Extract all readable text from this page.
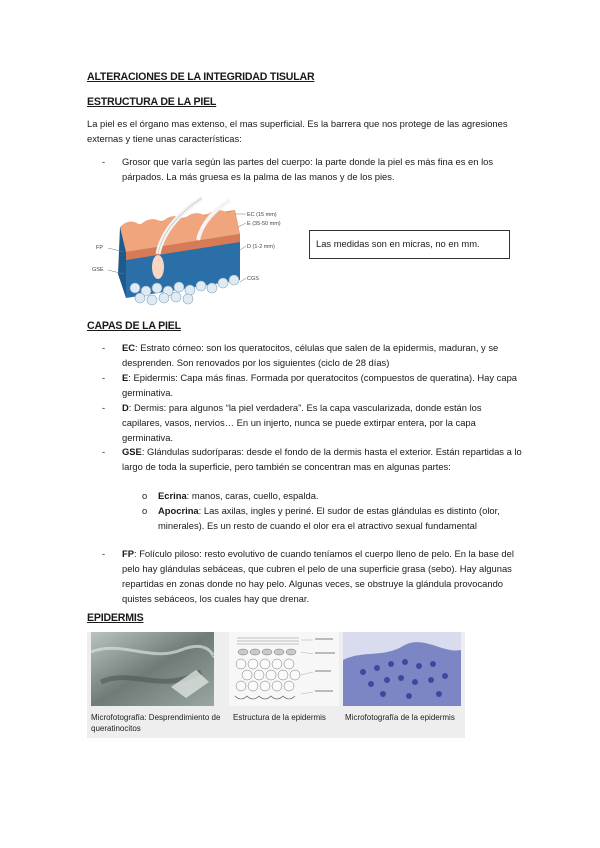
ALTERACIONES DE LA INTEGRIDAD TISULAR
ESTRUCTURA DE LA PIEL
La piel es el órgano mas extenso, el mas superficial. Es la barrera que nos protege de las agresiones externas y tiene unas características:
-	Grosor que varía según las partes del cuerpo: la parte donde la piel es más fina es en los párpados. La más gruesa es la palma de las manos y de los pies.
EC (15 mm)
E (35-50 mm)
D (1-2 mm)
CGS
FP
GSE
Las medidas son en micras, no en mm.
CAPAS DE LA PIEL
-	EC: Estrato córneo: son los queratocitos, células que salen de la epidermis, maduran, y se desprenden. Son renovados por los siguientes (ciclo de 28 días)
-	E: Epidermis: Capa más finas. Formada por queratocitos (compuestos de queratina). Hay capa germinativa.
-	D: Dermis: para algunos “la piel verdadera”. Es la capa vascularizada, donde están los capilares, vasos, nervios… En un injerto, nunca se puede extirpar entera, por la capa germinativa.
-	GSE: Glándulas sudoríparas: desde el fondo de la dermis hasta el exterior. Están repartidas a lo largo de toda la superficie, pero también se concentran mas en algunas partes:
o Ecrina: manos, caras, cuello, espalda.
o Apocrina: Las axilas, ingles y periné. El sudor de estas glándulas es distinto (olor, minerales). Es un resto de cuando el olor era el atractivo sexual fundamental
-	FP: Folículo piloso: resto evolutivo de cuando teníamos el cuerpo lleno de pelo. En la base del pelo hay glándulas sebáceas, que cubren el pelo de una superficie grasa (sebo). Hay algunas repartidas en zonas donde no hay pelo. Algunas veces, se obstruye la glándula provocando quistes sebáceos, los cuales hay que drenar.
EPIDERMIS
Microfotografía: Desprendimiento de queratinocitos
Estructura de la epidermis	Microfotografía de la epidermis
